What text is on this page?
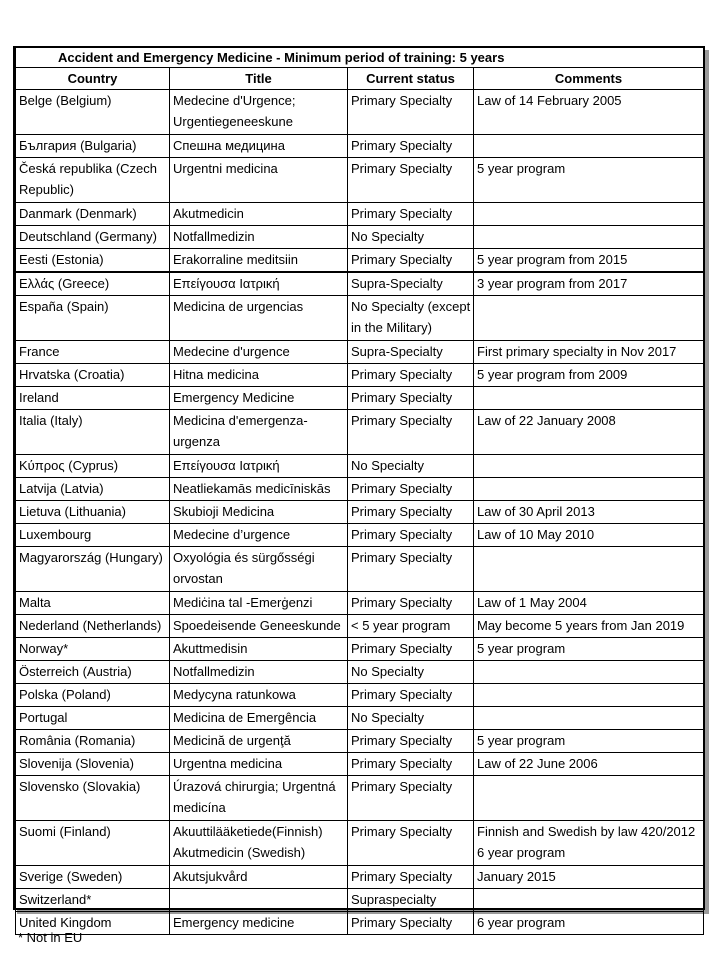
Accident and Emergency Medicine - Minimum period of training: 5 years			
Country	Title	Current status	Comments

Belge (Belgium)	Medecine d'Urgence; Urgentiegeneeskune	Primary Specialty	Law of 14 February 2005

България (Bulgaria)	Спешна медицина	Primary Specialty	

Česká republika (Czech Republic)	Urgentni medicina	Primary Specialty	5 year program

Danmark (Denmark)	Akutmedicin	Primary Specialty	

Deutschland (Germany)	Notfallmedizin	No Specialty	

Eesti (Estonia)	Erakorraline meditsiin	Primary Specialty	5 year program from 2015

Ελλάς (Greece)	Επείγουσα Ιατρική	Supra-Specialty	3 year program from 2017

España (Spain)	Medicina de urgencias	No Specialty (except in the Military)	

France	Medecine d'urgence	Supra-Specialty	First primary specialty in Nov 2017

Hrvatska (Croatia)	Hitna medicina	Primary Specialty	5 year program from 2009

Ireland	Emergency Medicine	Primary Specialty	

Italia (Italy)	Medicina d'emergenza- urgenza	Primary Specialty	Law of 22 January 2008

Κύπρος (Cyprus)	Επείγουσα Ιατρική	No Specialty	

Latvija (Latvia)	Neatliekamās medicīniskās	Primary Specialty	

Lietuva (Lithuania)	Skubioji Medicina	Primary Specialty	Law of 30 April 2013

Luxembourg	Medecine d’urgence	Primary Specialty	Law of 10 May 2010

Magyarország (Hungary)	Oxyológia és sürgősségi orvostan	Primary Specialty	

Malta	Mediċina tal -Emerġenzi	Primary Specialty	Law of 1 May 2004

Nederland (Netherlands)	Spoedeisende Geneeskunde	< 5 year program	May become 5 years from Jan 2019

Norway*	Akuttmedisin	Primary Specialty	5 year program

Österreich (Austria)	Notfallmedizin	No Specialty	

Polska (Poland)	Medycyna ratunkowa	Primary Specialty	

Portugal	Medicina de Emergência	No Specialty	

România (Romania)	Medicină de urgenţă	Primary Specialty	5 year program

Slovenija (Slovenia)	Urgentna medicina	Primary Specialty	Law of 22 June 2006

Slovensko (Slovakia)	Úrazová chirurgia; Urgentná medicína	Primary Specialty	

Suomi (Finland)	Akuuttilääketiede(Finnish) Akutmedicin (Swedish)	Primary Specialty	Finnish and Swedish by law 420/2012 6 year program

Sverige (Sweden)	Akutsjukvård	Primary Specialty	January 2015

Switzerland*		Supraspecialty	

United Kingdom	Emergency medicine	Primary Specialty	6 year program
* Not in EU
